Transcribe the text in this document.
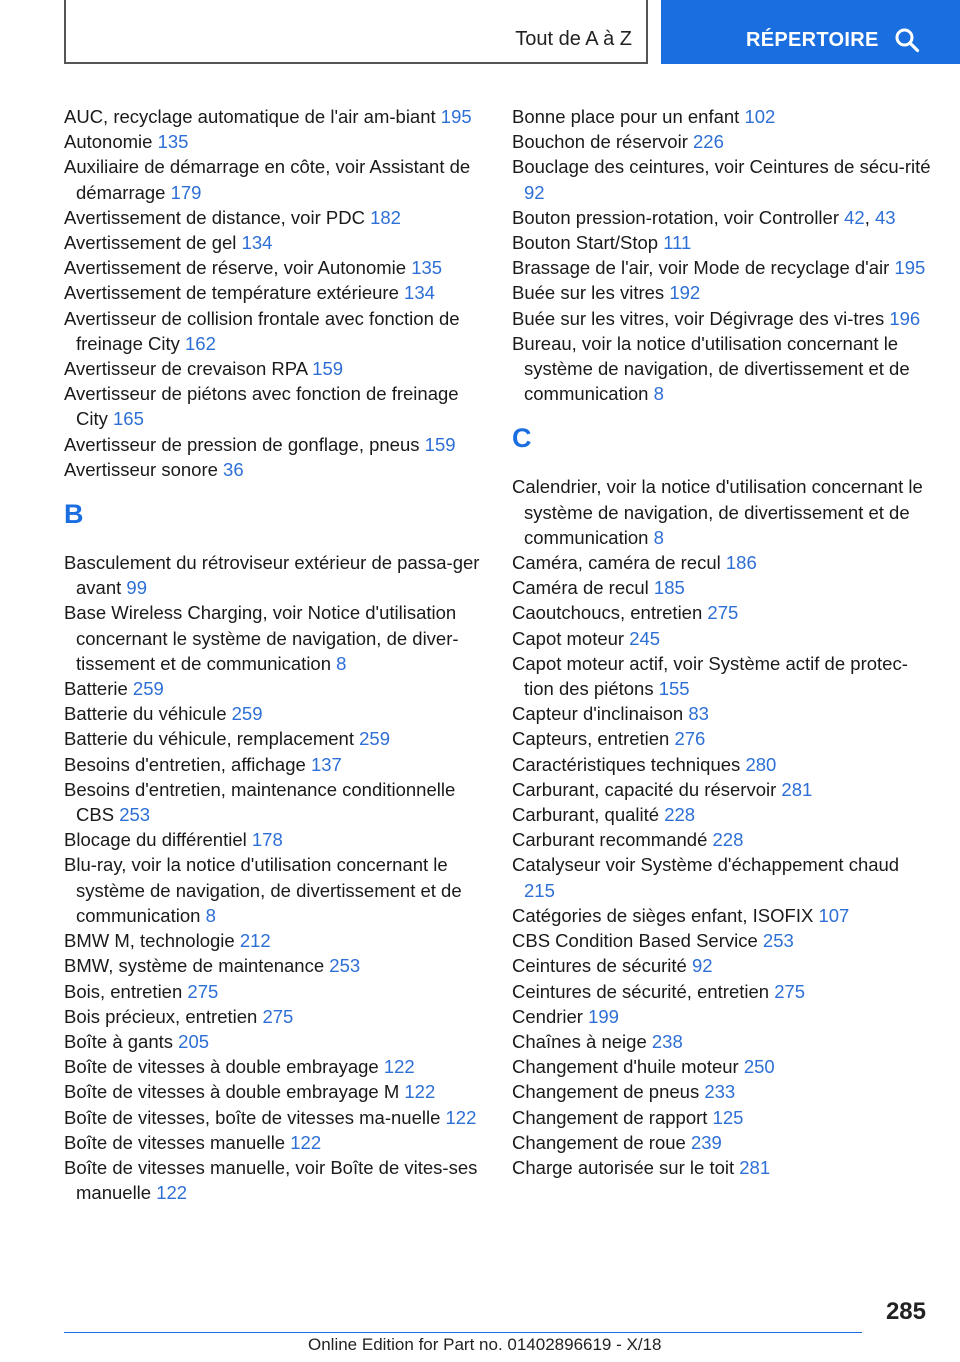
Tout de A à Z	RÉPERTOIRE
AUC, recyclage automatique de l'air am‐biant 195
Autonomie 135
Auxiliaire de démarrage en côte, voir Assistant de démarrage 179
Avertissement de distance, voir PDC 182
Avertissement de gel 134
Avertissement de réserve, voir Autonomie 135
Avertissement de température extérieure 134
Avertisseur de collision frontale avec fonction de freinage City 162
Avertisseur de crevaison RPA 159
Avertisseur de piétons avec fonction de freinage City 165
Avertisseur de pression de gonflage, pneus 159
Avertisseur sonore 36
B
Basculement du rétroviseur extérieur de passa‐ger avant 99
Base Wireless Charging, voir Notice d'utilisation concernant le système de navigation, de diver‐tissement et de communication 8
Batterie 259
Batterie du véhicule 259
Batterie du véhicule, remplacement 259
Besoins d'entretien, affichage 137
Besoins d'entretien, maintenance conditionnelle CBS 253
Blocage du différentiel 178
Blu-ray, voir la notice d'utilisation concernant le système de navigation, de divertissement et de communication 8
BMW M, technologie 212
BMW, système de maintenance 253
Bois, entretien 275
Bois précieux, entretien 275
Boîte à gants 205
Boîte de vitesses à double embrayage 122
Boîte de vitesses à double embrayage M 122
Boîte de vitesses, boîte de vitesses ma‐nuelle 122
Boîte de vitesses manuelle 122
Boîte de vitesses manuelle, voir Boîte de vites‐ses manuelle 122
Bonne place pour un enfant 102
Bouchon de réservoir 226
Bouclage des ceintures, voir Ceintures de sécu‐rité 92
Bouton pression-rotation, voir Controller 42, 43
Bouton Start/Stop 111
Brassage de l'air, voir Mode de recyclage d'air 195
Buée sur les vitres 192
Buée sur les vitres, voir Dégivrage des vi‐tres 196
Bureau, voir la notice d'utilisation concernant le système de navigation, de divertissement et de communication 8
C
Calendrier, voir la notice d'utilisation concernant le système de navigation, de divertissement et de communication 8
Caméra, caméra de recul 186
Caméra de recul 185
Caoutchoucs, entretien 275
Capot moteur 245
Capot moteur actif, voir Système actif de protec‐tion des piétons 155
Capteur d'inclinaison 83
Capteurs, entretien 276
Caractéristiques techniques 280
Carburant, capacité du réservoir 281
Carburant, qualité 228
Carburant recommandé 228
Catalyseur voir Système d'échappement chaud 215
Catégories de sièges enfant, ISOFIX 107
CBS Condition Based Service 253
Ceintures de sécurité 92
Ceintures de sécurité, entretien 275
Cendrier 199
Chaînes à neige 238
Changement d'huile moteur 250
Changement de pneus 233
Changement de rapport 125
Changement de roue 239
Charge autorisée sur le toit 281
285
Online Edition for Part no. 01402896619 - X/18
